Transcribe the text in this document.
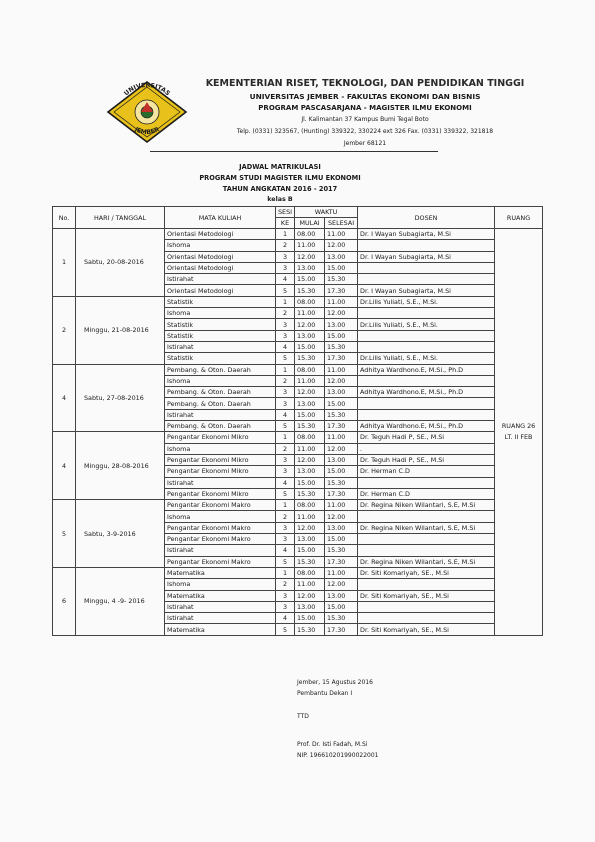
UNIVERSITAS
JEMBER
KEMENTERIAN RISET, TEKNOLOGI, DAN PENDIDIKAN TINGGI
UNIVERSITAS JEMBER - FAKULTAS EKONOMI DAN BISNIS
PROGRAM PASCASARJANA - MAGISTER ILMU EKONOMI
Jl. Kalimantan 37 Kampus Bumi Tegal Boto
Telp. (0331) 323567, (Hunting) 339322, 330224 ext 326 Fax. (0331) 339322, 321818
Jember 68121
JADWAL MATRIKULASI
PROGRAM STUDI MAGISTER ILMU EKONOMI
TAHUN ANGKATAN 2016 - 2017
kelas B
No.	HARI / TANGGAL	MATA KULIAH	SESI	WAKTU		DOSEN	RUANG
			KE	MULAI	SELESAI		
1	Sabtu, 20-08-2016	Orientasi Metodologi	1	08.00	11.00	Dr. I Wayan Subagiarta, M.Si	RUANG 26 LT. II FEB
		Ishoma	2	11.00	12.00		
		Orientasi Metodologi	3	12.00	13.00	Dr. I Wayan Subagiarta, M.Si	
		Orientasi Metodologi	3	13.00	15.00		
		Istirahat	4	15.00	15.30		
		Orientasi Metodologi	5	15.30	17.30	Dr. I Wayan Subagiarta, M.Si	
2	Minggu, 21-08-2016	Statistik	1	08.00	11.00	Dr.Lilis Yuliati, S.E., M.Si.	
		Ishoma	2	11.00	12.00		
		Statistik	3	12.00	13.00	Dr.Lilis Yuliati, S.E., M.Si.	
		Statistik	3	13.00	15.00		
		Istirahat	4	15.00	15.30		
		Statistik	5	15.30	17.30	Dr.Lilis Yuliati, S.E., M.Si.	
4	Sabtu, 27-08-2016	Pembang. & Oton. Daerah	1	08.00	11.00	Adhitya Wardhono.E, M.Si., Ph.D	
		Ishoma	2	11.00	12.00		
		Pembang. & Oton. Daerah	3	12.00	13.00	Adhitya Wardhono.E, M.Si., Ph.D	
		Pembang. & Oton. Daerah	3	13.00	15.00		
		Istirahat	4	15.00	15.30		
		Pembang. & Oton. Daerah	5	15.30	17.30	Adhitya Wardhono.E, M.Si., Ph.D	
4	Minggu, 28-08-2016	Pengantar Ekonomi Mikro	1	08.00	11.00	Dr. Teguh Hadi P, SE., M.Si	
		Ishoma	2	11.00	12.00	.	
		Pengantar Ekonomi Mikro	3	12.00	13.00	Dr. Teguh Hadi P, SE., M.Si	
		Pengantar Ekonomi Mikro	3	13.00	15.00	Dr. Herman C.D	
		Istirahat	4	15.00	15.30		
		Pengantar Ekonomi Mikro	5	15.30	17.30	Dr. Herman C.D	
5	Sabtu, 3-9-2016	Pengantar Ekonomi Makro	1	08.00	11.00	Dr. Regina Niken Wilantari, S.E, M.Si	
		Ishoma	2	11.00	12.00		
		Pengantar Ekonomi Makro	3	12.00	13.00	Dr. Regina Niken Wilantari, S.E, M.Si	
		Pengantar Ekonomi Makro	3	13.00	15.00		
		Istirahat	4	15.00	15.30		
		Pengantar Ekonomi Makro	5	15.30	17.30	Dr. Regina Niken Wilantari, S.E, M.Si	
6	Minggu, 4 -9- 2016	Matematika	1	08.00	11.00	Dr. Siti Komariyah, SE., M.Si	
		Ishoma	2	11.00	12.00		
		Matematika	3	12.00	13.00	Dr. Siti Komariyah, SE., M.Si	
		Istirahat	3	13.00	15.00		
		Istirahat	4	15.00	15.30		
		Matematika	5	15.30	17.30	Dr. Siti Komariyah, SE., M.Si	
Jember, 15 Agustus 2016
Pembantu Dekan I
TTD
Prof. Dr. Isti Fadah, M.Si
NIP. 196610201990022001
